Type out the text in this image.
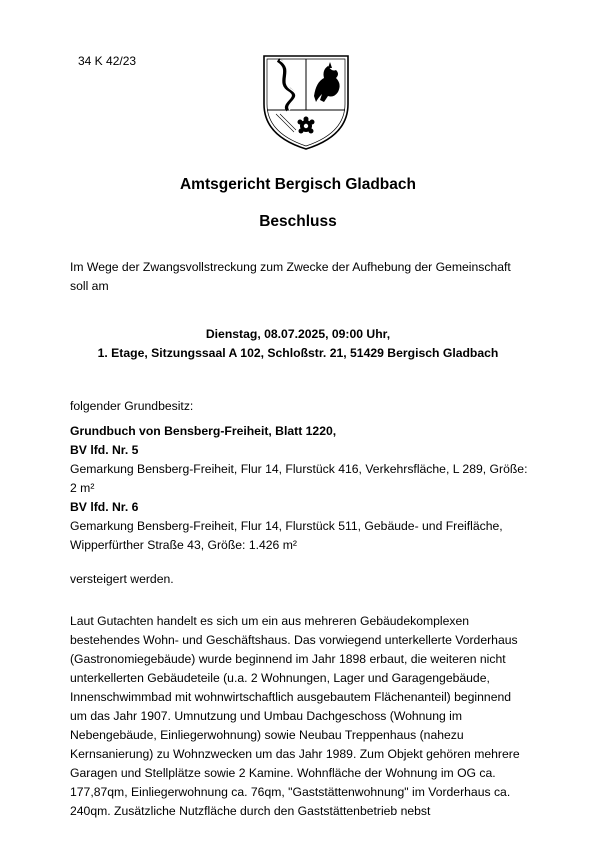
34 K 42/23
Amtsgericht Bergisch Gladbach
Beschluss
Im Wege der Zwangsvollstreckung zum Zwecke der Aufhebung der Gemeinschaft
soll am
Dienstag, 08.07.2025, 09:00 Uhr,
1. Etage, Sitzungssaal A 102, Schloßstr. 21, 51429 Bergisch Gladbach
folgender Grundbesitz:
Grundbuch von Bensberg-Freiheit, Blatt 1220,
BV lfd. Nr. 5
Gemarkung Bensberg-Freiheit, Flur 14, Flurstück 416, Verkehrsfläche, L 289, Größe:
2 m²
BV lfd. Nr. 6
Gemarkung Bensberg-Freiheit, Flur 14, Flurstück 511, Gebäude- und Freifläche,
Wipperfürther Straße 43, Größe: 1.426 m²
versteigert werden.
Laut Gutachten handelt es sich um ein aus mehreren Gebäudekomplexen
bestehendes Wohn- und Geschäftshaus. Das vorwiegend unterkellerte Vorderhaus
(Gastronomiegebäude) wurde beginnend im Jahr 1898 erbaut, die weiteren nicht
unterkellerten Gebäudeteile (u.a. 2 Wohnungen, Lager und Garagengebäude,
Innenschwimmbad mit wohnwirtschaftlich ausgebautem Flächenanteil) beginnend
um das Jahr 1907. Umnutzung und Umbau Dachgeschoss (Wohnung im
Nebengebäude, Einliegerwohnung) sowie Neubau Treppenhaus (nahezu
Kernsanierung) zu Wohnzwecken um das Jahr 1989. Zum Objekt gehören mehrere
Garagen und Stellplätze sowie 2 Kamine. Wohnfläche der Wohnung im OG ca.
177,87qm, Einliegerwohnung ca. 76qm, "Gaststättenwohnung" im Vorderhaus ca.
240qm. Zusätzliche Nutzfläche durch den Gaststättenbetrieb nebst
